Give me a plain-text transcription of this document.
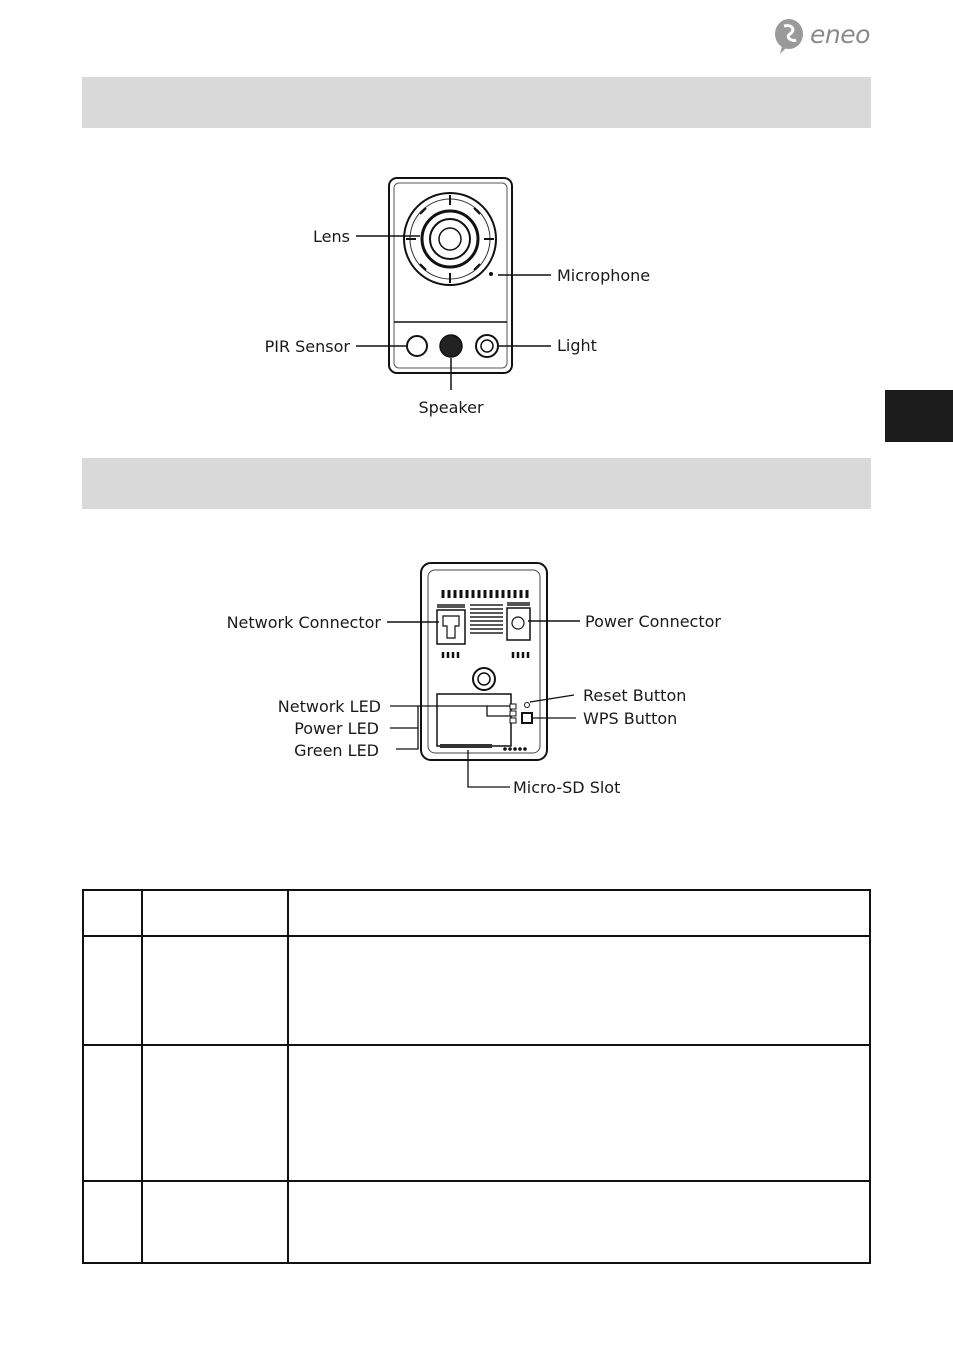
eneo
Lens
Microphone
PIR Sensor	Light
Speaker
Network Connector	Power Connector
Network LED
Power LED
Green LED
Reset Button
WPS Button
Micro-SD Slot
